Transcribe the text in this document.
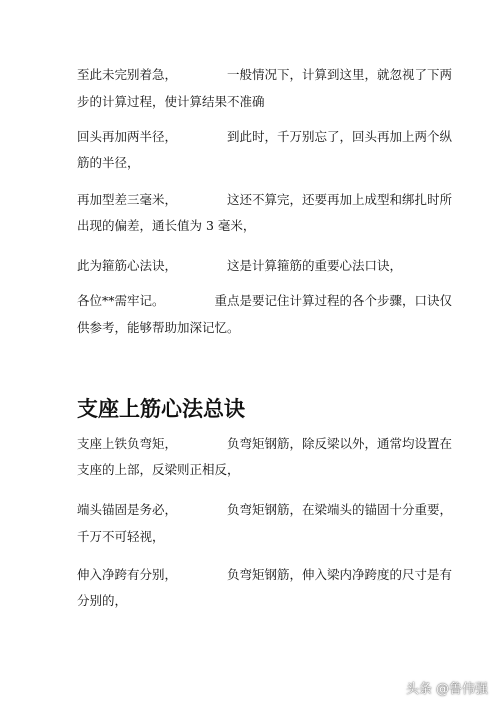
至此未完别着急，	一般情况下，计算到这里，就忽视了下两
步的计算过程，使计算结果不准确
回头再加两半径，	到此时，千万别忘了，回头再加上两个纵
筋的半径，
再加型差三毫米，	这还不算完，还要再加上成型和绑扎时所
出现的偏差，通长值为 3 毫米，
此为箍筋心法诀，	这是计算箍筋的重要心法口诀，
各位**需牢记。	重点是要记住计算过程的各个步骤，口诀仅
供参考，能够帮助加深记忆。
支座上筋心法总诀
支座上铁负弯矩，	负弯矩钢筋，除反梁以外，通常均设置在
支座的上部，反梁则正相反，
端头锚固是务必，	负弯矩钢筋，在梁端头的锚固十分重要，
千万不可轻视，
伸入净跨有分别，	负弯矩钢筋，伸入梁内净跨度的尺寸是有
分别的，
头条 @鲁伟强
